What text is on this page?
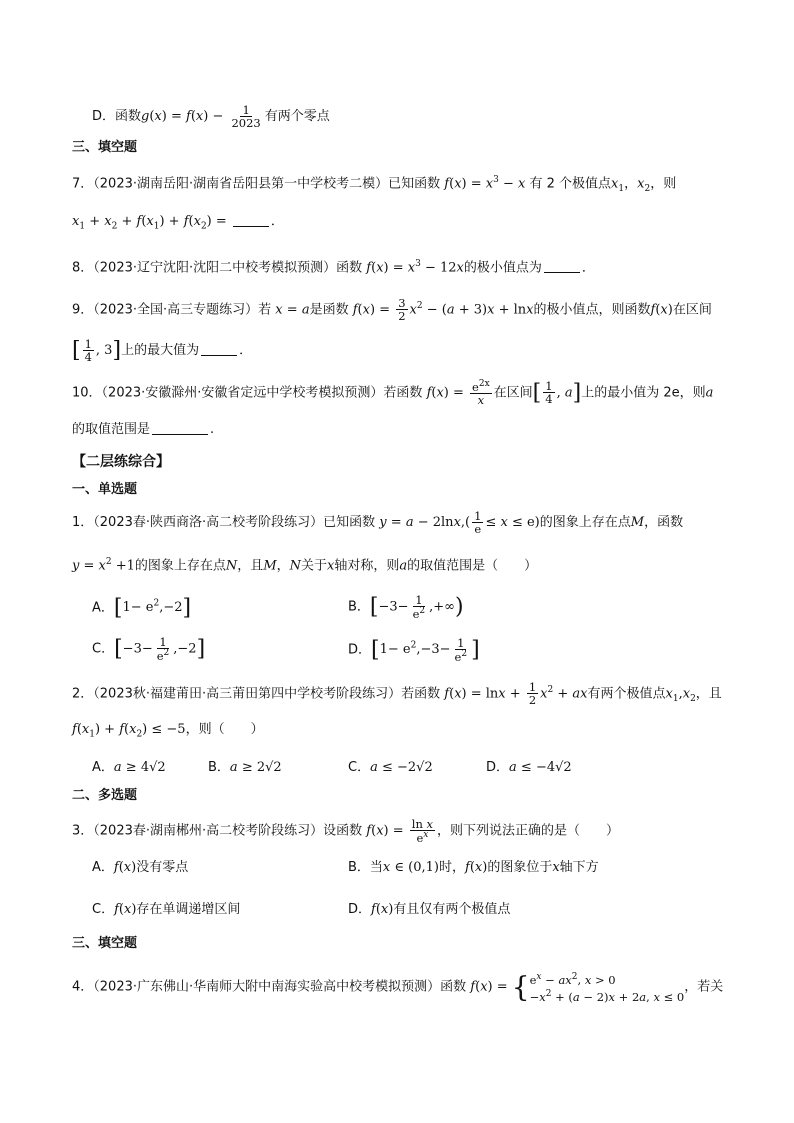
D．函数$g(x) = f(x) - \frac{1}{2023}$ 有两个零点
三、填空题
7．（2023·湖南岳阳·湖南省岳阳县第一中学校考二模）已知函数 $f(x) = x^3 - x$ 有 2 个极值点$x_1$，$x_2$，则
$x_1 + x_2 + f(x_1) + f(x_2)$ =	．
8．（2023·辽宁沈阳·沈阳二中校考模拟预测）函数 $f(x) = x^3 - 12x$的极小值点为	．
9．（2023·全国·高三专题练习）若 x = a是函数 $f(x) = \frac{3}{2} x^2 - (a + 3)x + \ln x$的极小值点，则函数f(x)在区间
[ $\frac{1}{4}$ , 3]上的最大值为	．
10．（2023·安徽滁州·安徽省定远中学校考模拟预测）若函数 $f(x) = \frac{e^{2x}}{x}$ 在区间[ $\frac{1}{4}$ , a]上的最小值为 2e，则a
的取值范围是	.
【二层练综合】
一、单选题
1．（2023春·陕西商洛·高二校考阶段练习）已知函数 $y = a - 2\ln x,( \frac{1}{e} \le x \le e)$的图象上存在点M，函数
$y = x^2 +1$的图象上存在点N，且M，N关于x轴对称，则a的取值范围是（　　）
A．$[1- e^2,-2]$	B．[$-3- \frac{1}{e^2}$ ,+∞)
C．$[-3- \frac{1}{e^2} ,-2]$	D．[$1- e^2,-3- \frac{1}{e^2}$ ]
2．（2023秋·福建莆田·高三莆田第四中学校考阶段练习）若函数 $f(x) = \ln x + \frac{1}{2} x^2$ + ax有两个极值点$x_1,x_2$，且
$f(x_1) + f(x_2) \le -5$，则（　　）
A．a ≥ 4√2	B．a ≥ 2√2	C．a ≤ −2√2	D．a ≤ −4√2
二、多选题
3．（2023春·湖南郴州·高二校考阶段练习）设函数 $f(x) = \frac{\text{ln x}}{e^x}$ ，则下列说法正确的是（　　）
A．f(x)没有零点	B．当x ∈ (0,1)时，f(x)的图象位于x轴下方
C．f(x)存在单调递增区间	D．f(x)有且仅有两个极值点
三、填空题
4．（2023·广东佛山·华南师大附中南海实验高中校考模拟预测）函数 f(x) = { $e^x - ax^2$, x > 0
$-x^2 + (a - 2)x + 2a$, x ≤ 0
，若关
